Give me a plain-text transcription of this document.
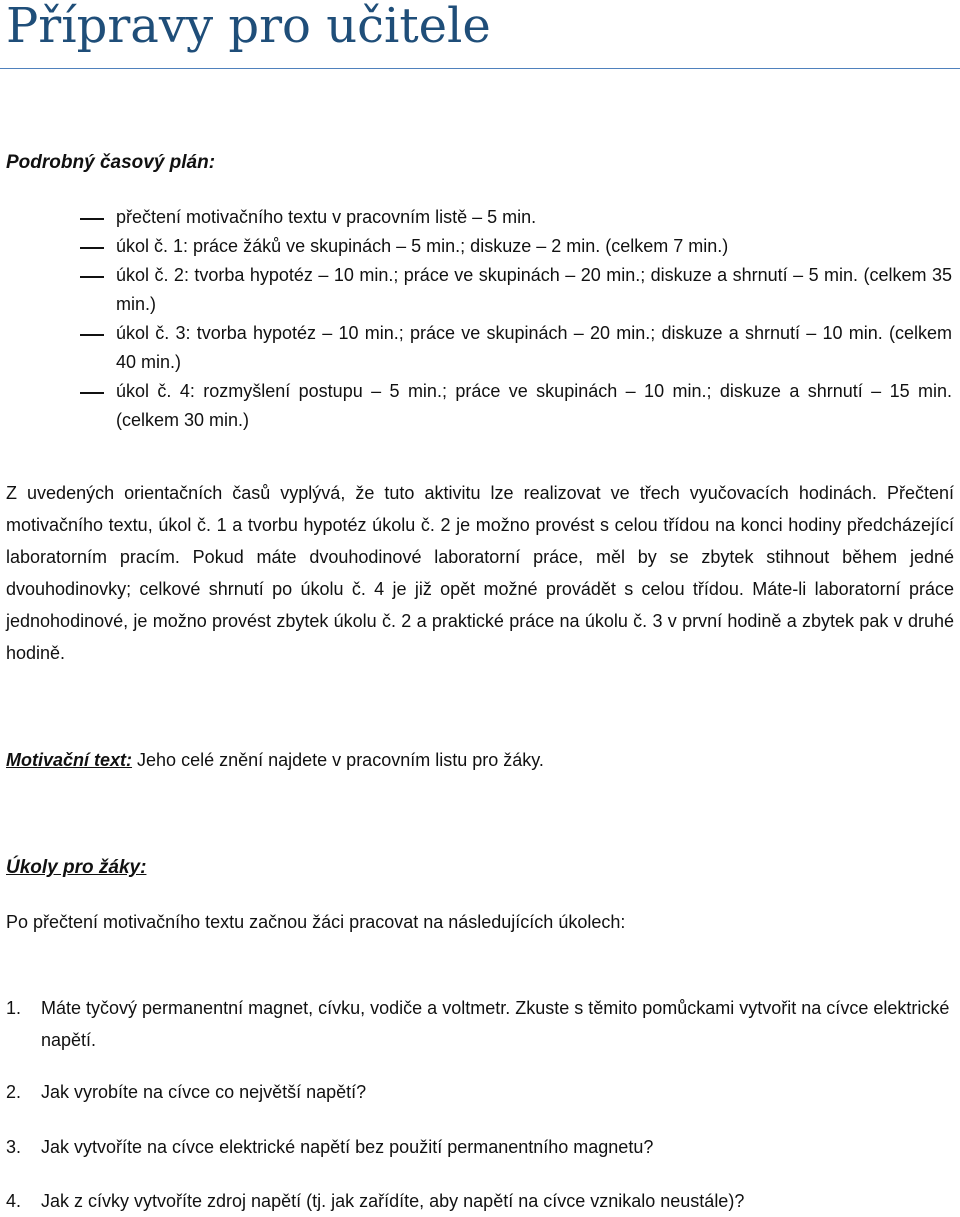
Přípravy pro učitele
Podrobný časový plán:
přečtení motivačního textu v pracovním listě – 5 min.
úkol č. 1: práce žáků ve skupinách – 5 min.; diskuze – 2 min. (celkem 7 min.)
úkol č. 2: tvorba hypotéz – 10 min.; práce ve skupinách – 20 min.; diskuze a shrnutí – 5 min. (celkem 35 min.)
úkol č. 3: tvorba hypotéz – 10 min.; práce ve skupinách – 20 min.; diskuze a shrnutí – 10 min. (celkem 40 min.)
úkol č. 4: rozmyšlení postupu – 5 min.; práce ve skupinách – 10 min.; diskuze a shrnutí – 15 min. (celkem 30 min.)

Z uvedených orientačních časů vyplývá, že tuto aktivitu lze realizovat ve třech vyučovacích hodinách. Přečtení motivačního textu, úkol č. 1 a tvorbu hypotéz úkolu č. 2 je možno provést s celou třídou na konci hodiny předcházející laboratorním pracím. Pokud máte dvouhodinové laboratorní práce, měl by se zbytek stihnout během jedné dvouhodinovky; celkové shrnutí po úkolu č. 4 je již opět možné provádět s celou třídou. Máte-li laboratorní práce jednohodinové, je možno provést zbytek úkolu č. 2 a praktické práce na úkolu č. 3 v první hodině a zbytek pak v druhé hodině.

Motivační text: Jeho celé znění najdete v pracovním listu pro žáky.

Úkoly pro žáky:

Po přečtení motivačního textu začnou žáci pracovat na následujících úkolech:

1. Máte tyčový permanentní magnet, cívku, vodiče a voltmetr. Zkuste s těmito pomůckami vytvořit na cívce elektrické napětí.
2. Jak vyrobíte na cívce co největší napětí?
3. Jak vytvoříte na cívce elektrické napětí bez použití permanentního magnetu?
4. Jak z cívky vytvoříte zdroj napětí (tj. jak zařídíte, aby napětí na cívce vznikalo neustále)?
